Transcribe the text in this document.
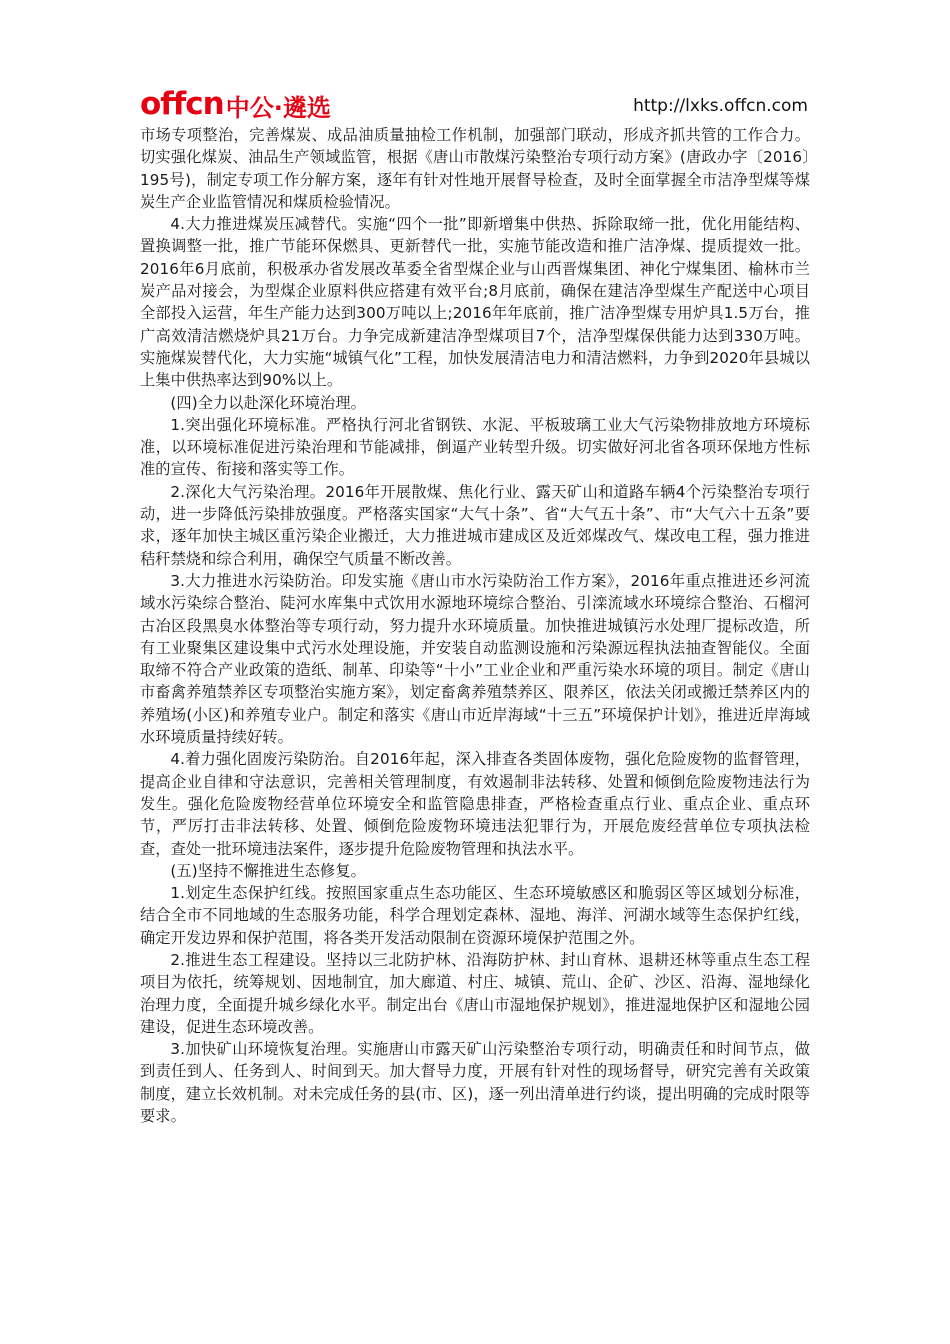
offcn 中公 · 遴选	http://lxks.offcn.com

市场专项整治，完善煤炭、成品油质量抽检工作机制，加强部门联动，形成齐抓共管的工作合力。切实强化煤炭、油品生产领域监管，根据《唐山市散煤污染整治专项行动方案》(唐政办字〔2016〕195号)，制定专项工作分解方案，逐年有针对性地开展督导检查，及时全面掌握全市洁净型煤等煤炭生产企业监管情况和煤质检验情况。

4.大力推进煤炭压减替代。实施“四个一批”即新增集中供热、拆除取缔一批，优化用能结构、置换调整一批，推广节能环保燃具、更新替代一批，实施节能改造和推广洁净煤、提质提效一批。2016年6月底前，积极承办省发展改革委全省型煤企业与山西晋煤集团、神化宁煤集团、榆林市兰炭产品对接会，为型煤企业原料供应搭建有效平台;8月底前，确保在建洁净型煤生产配送中心项目全部投入运营，年生产能力达到300万吨以上;2016年年底前，推广洁净型煤专用炉具1.5万台，推广高效清洁燃烧炉具21万台。力争完成新建洁净型煤项目7个，洁净型煤保供能力达到330万吨。实施煤炭替代化，大力实施“城镇气化”工程，加快发展清洁电力和清洁燃料，力争到2020年县城以上集中供热率达到90%以上。

(四)全力以赴深化环境治理。

1.突出强化环境标准。严格执行河北省钢铁、水泥、平板玻璃工业大气污染物排放地方环境标准，以环境标准促进污染治理和节能减排，倒逼产业转型升级。切实做好河北省各项环保地方性标准的宣传、衔接和落实等工作。

2.深化大气污染治理。2016年开展散煤、焦化行业、露天矿山和道路车辆4个污染整治专项行动，进一步降低污染排放强度。严格落实国家“大气十条”、省“大气五十条”、市“大气六十五条”要求，逐年加快主城区重污染企业搬迁，大力推进城市建成区及近郊煤改气、煤改电工程，强力推进秸秆禁烧和综合利用，确保空气质量不断改善。

3.大力推进水污染防治。印发实施《唐山市水污染防治工作方案》，2016年重点推进还乡河流域水污染综合整治、陡河水库集中式饮用水源地环境综合整治、引滦流域水环境综合整治、石榴河古冶区段黑臭水体整治等专项行动，努力提升水环境质量。加快推进城镇污水处理厂提标改造，所有工业聚集区建设集中式污水处理设施，并安装自动监测设施和污染源远程执法抽查智能仪。全面取缔不符合产业政策的造纸、制革、印染等“十小”工业企业和严重污染水环境的项目。制定《唐山市畜禽养殖禁养区专项整治实施方案》，划定畜禽养殖禁养区、限养区，依法关闭或搬迁禁养区内的养殖场(小区)和养殖专业户。制定和落实《唐山市近岸海域“十三五”环境保护计划》，推进近岸海域水环境质量持续好转。

4.着力强化固废污染防治。自2016年起，深入排查各类固体废物，强化危险废物的监督管理，提高企业自律和守法意识，完善相关管理制度，有效遏制非法转移、处置和倾倒危险废物违法行为发生。强化危险废物经营单位环境安全和监管隐患排查，严格检查重点行业、重点企业、重点环节，严厉打击非法转移、处置、倾倒危险废物环境违法犯罪行为，开展危废经营单位专项执法检查，查处一批环境违法案件，逐步提升危险废物管理和执法水平。

(五)坚持不懈推进生态修复。

1.划定生态保护红线。按照国家重点生态功能区、生态环境敏感区和脆弱区等区域划分标准，结合全市不同地域的生态服务功能，科学合理划定森林、湿地、海洋、河湖水域等生态保护红线，确定开发边界和保护范围，将各类开发活动限制在资源环境保护范围之外。

2.推进生态工程建设。坚持以三北防护林、沿海防护林、封山育林、退耕还林等重点生态工程项目为依托，统筹规划、因地制宜，加大廊道、村庄、城镇、荒山、企矿、沙区、沿海、湿地绿化治理力度，全面提升城乡绿化水平。制定出台《唐山市湿地保护规划》，推进湿地保护区和湿地公园建设，促进生态环境改善。

3.加快矿山环境恢复治理。实施唐山市露天矿山污染整治专项行动，明确责任和时间节点，做到责任到人、任务到人、时间到天。加大督导力度，开展有针对性的现场督导，研究完善有关政策制度，建立长效机制。对未完成任务的县(市、区)，逐一列出清单进行约谈，提出明确的完成时限等要求。
